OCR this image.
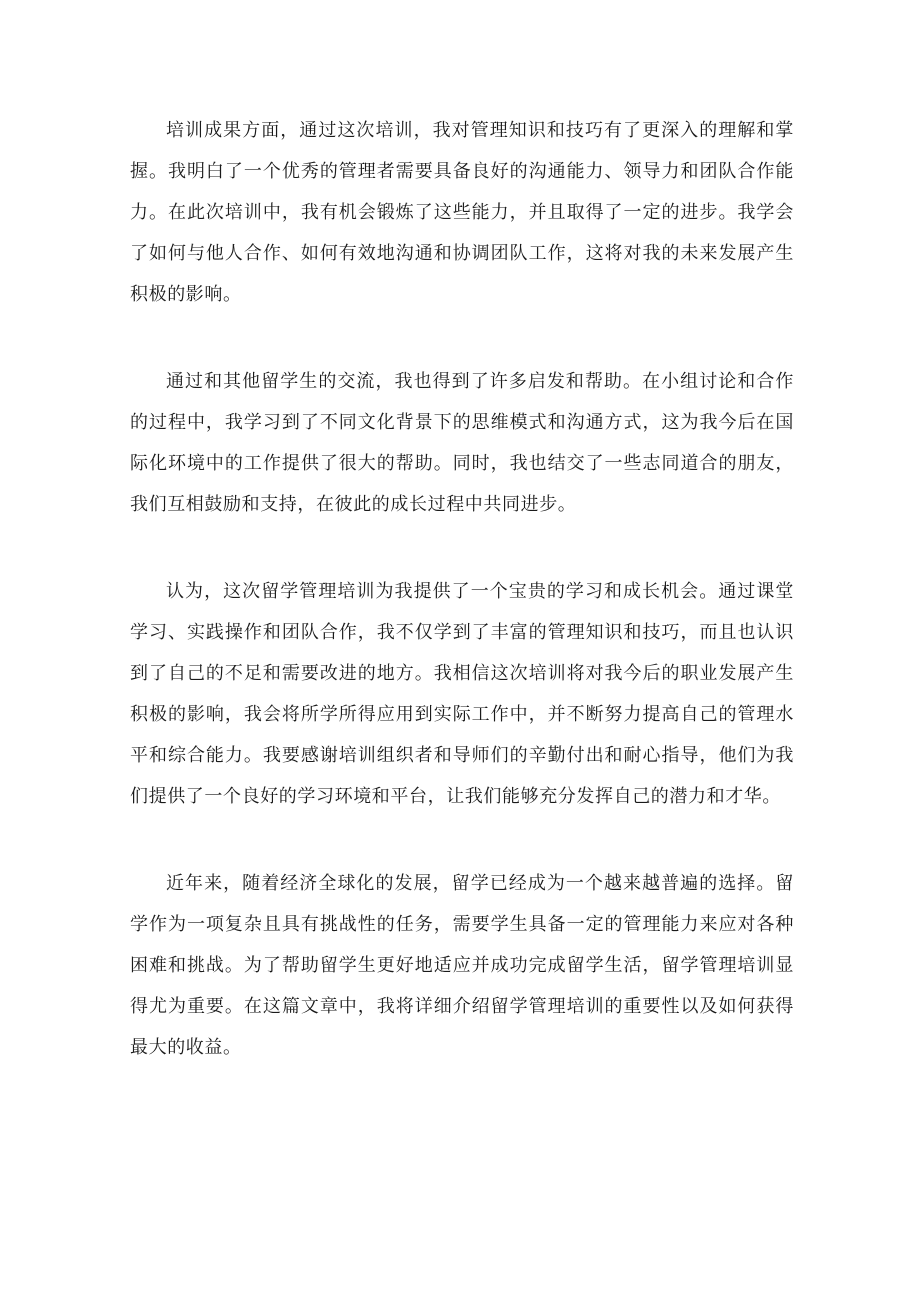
培训成果方面，通过这次培训，我对管理知识和技巧有了更深入的理解和掌握。我明白了一个优秀的管理者需要具备良好的沟通能力、领导力和团队合作能力。在此次培训中，我有机会锻炼了这些能力，并且取得了一定的进步。我学会了如何与他人合作、如何有效地沟通和协调团队工作，这将对我的未来发展产生积极的影响。

通过和其他留学生的交流，我也得到了许多启发和帮助。在小组讨论和合作的过程中，我学习到了不同文化背景下的思维模式和沟通方式，这为我今后在国际化环境中的工作提供了很大的帮助。同时，我也结交了一些志同道合的朋友，我们互相鼓励和支持，在彼此的成长过程中共同进步。

认为，这次留学管理培训为我提供了一个宝贵的学习和成长机会。通过课堂学习、实践操作和团队合作，我不仅学到了丰富的管理知识和技巧，而且也认识到了自己的不足和需要改进的地方。我相信这次培训将对我今后的职业发展产生积极的影响，我会将所学所得应用到实际工作中，并不断努力提高自己的管理水平和综合能力。我要感谢培训组织者和导师们的辛勤付出和耐心指导，他们为我们提供了一个良好的学习环境和平台，让我们能够充分发挥自己的潜力和才华。

近年来，随着经济全球化的发展，留学已经成为一个越来越普遍的选择。留学作为一项复杂且具有挑战性的任务，需要学生具备一定的管理能力来应对各种困难和挑战。为了帮助留学生更好地适应并成功完成留学生活，留学管理培训显得尤为重要。在这篇文章中，我将详细介绍留学管理培训的重要性以及如何获得最大的收益。
